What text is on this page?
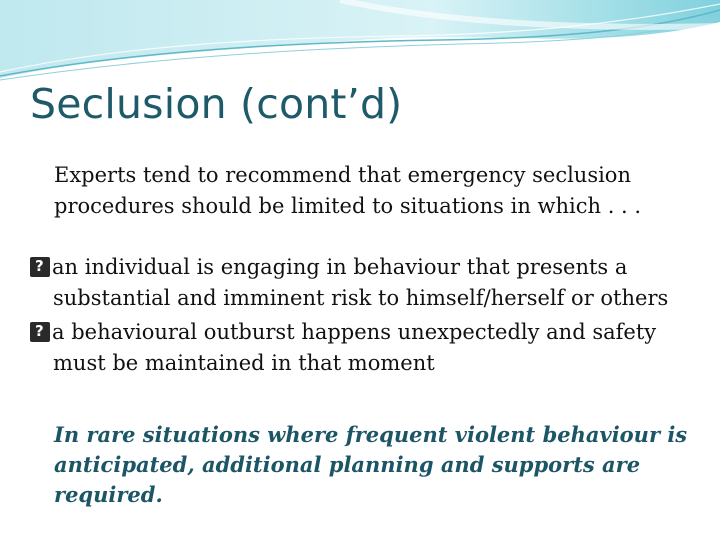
Seclusion (cont’d)

Experts tend to recommend that emergency seclusion
procedures should be limited to situations in which . . .

?an individual is engaging in behaviour that presents a
substantial and imminent risk to himself/herself or others

?a behavioural outburst happens unexpectedly and safety
must be maintained in that moment

In rare situations where frequent violent behaviour is
anticipated, additional planning and supports are
required.
